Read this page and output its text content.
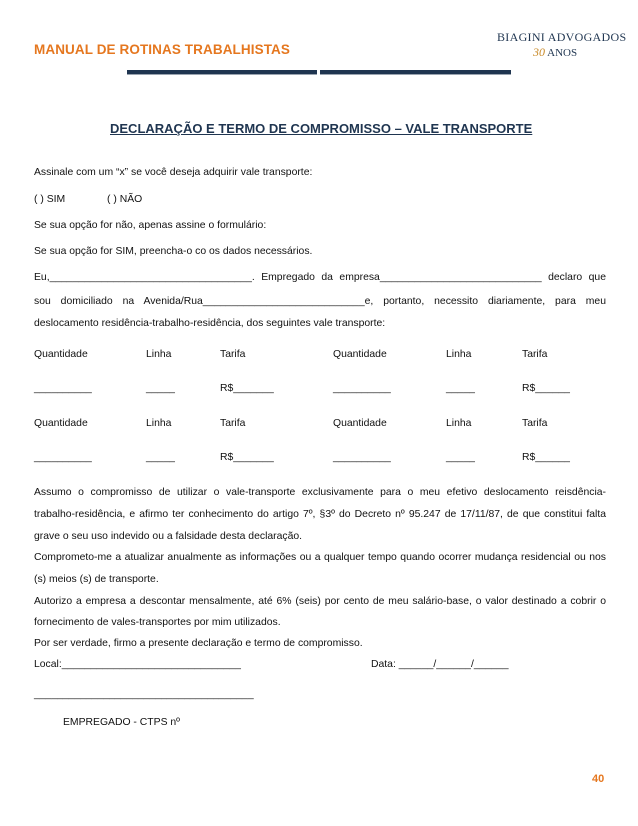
MANUAL DE ROTINAS TRABALHISTAS
BIAGINI ADVOGADOS
30 ANOS
DECLARAÇÃO E TERMO DE COMPROMISSO – VALE TRANSPORTE
Assinale com um “x” se você deseja adquirir vale transporte:
( ) SIM	( ) NÃO
Se sua opção for não, apenas assine o formulário:
Se sua opção for SIM, preencha-o co os dados necessários.
Eu,___________________________________. Empregado da empresa____________________________ declaro que
sou domiciliado na Avenida/Rua____________________________e, portanto, necessito diariamente, para meu
deslocamento residência-trabalho-residência, dos seguintes vale transporte:
Quantidade	Linha	Tarifa	Quantidade	Linha	Tarifa
__________	_____	R$_______	__________	_____	R$______
Quantidade	Linha	Tarifa	Quantidade	Linha	Tarifa
__________	_____	R$_______	__________	_____	R$______
Assumo o compromisso de utilizar o vale-transporte exclusivamente para o meu efetivo deslocamento reisdência-
trabalho-residência, e afirmo ter conhecimento do artigo 7º, §3º do Decreto nº 95.247 de 17/11/87, de que constitui falta
grave o seu uso indevido ou a falsidade desta declaração.
Comprometo-me a atualizar anualmente as informações ou a qualquer tempo quando ocorrer mudança residencial ou nos
(s) meios (s) de transporte.
Autorizo a empresa a descontar mensalmente, até 6% (seis) por cento de meu salário-base, o valor destinado a cobrir o
fornecimento de vales-transportes por mim utilizados.
Por ser verdade, firmo a presente declaração e termo de compromisso.
Local:_______________________________	Data: ______/______/______
______________________________________
EMPREGADO - CTPS nº
40
